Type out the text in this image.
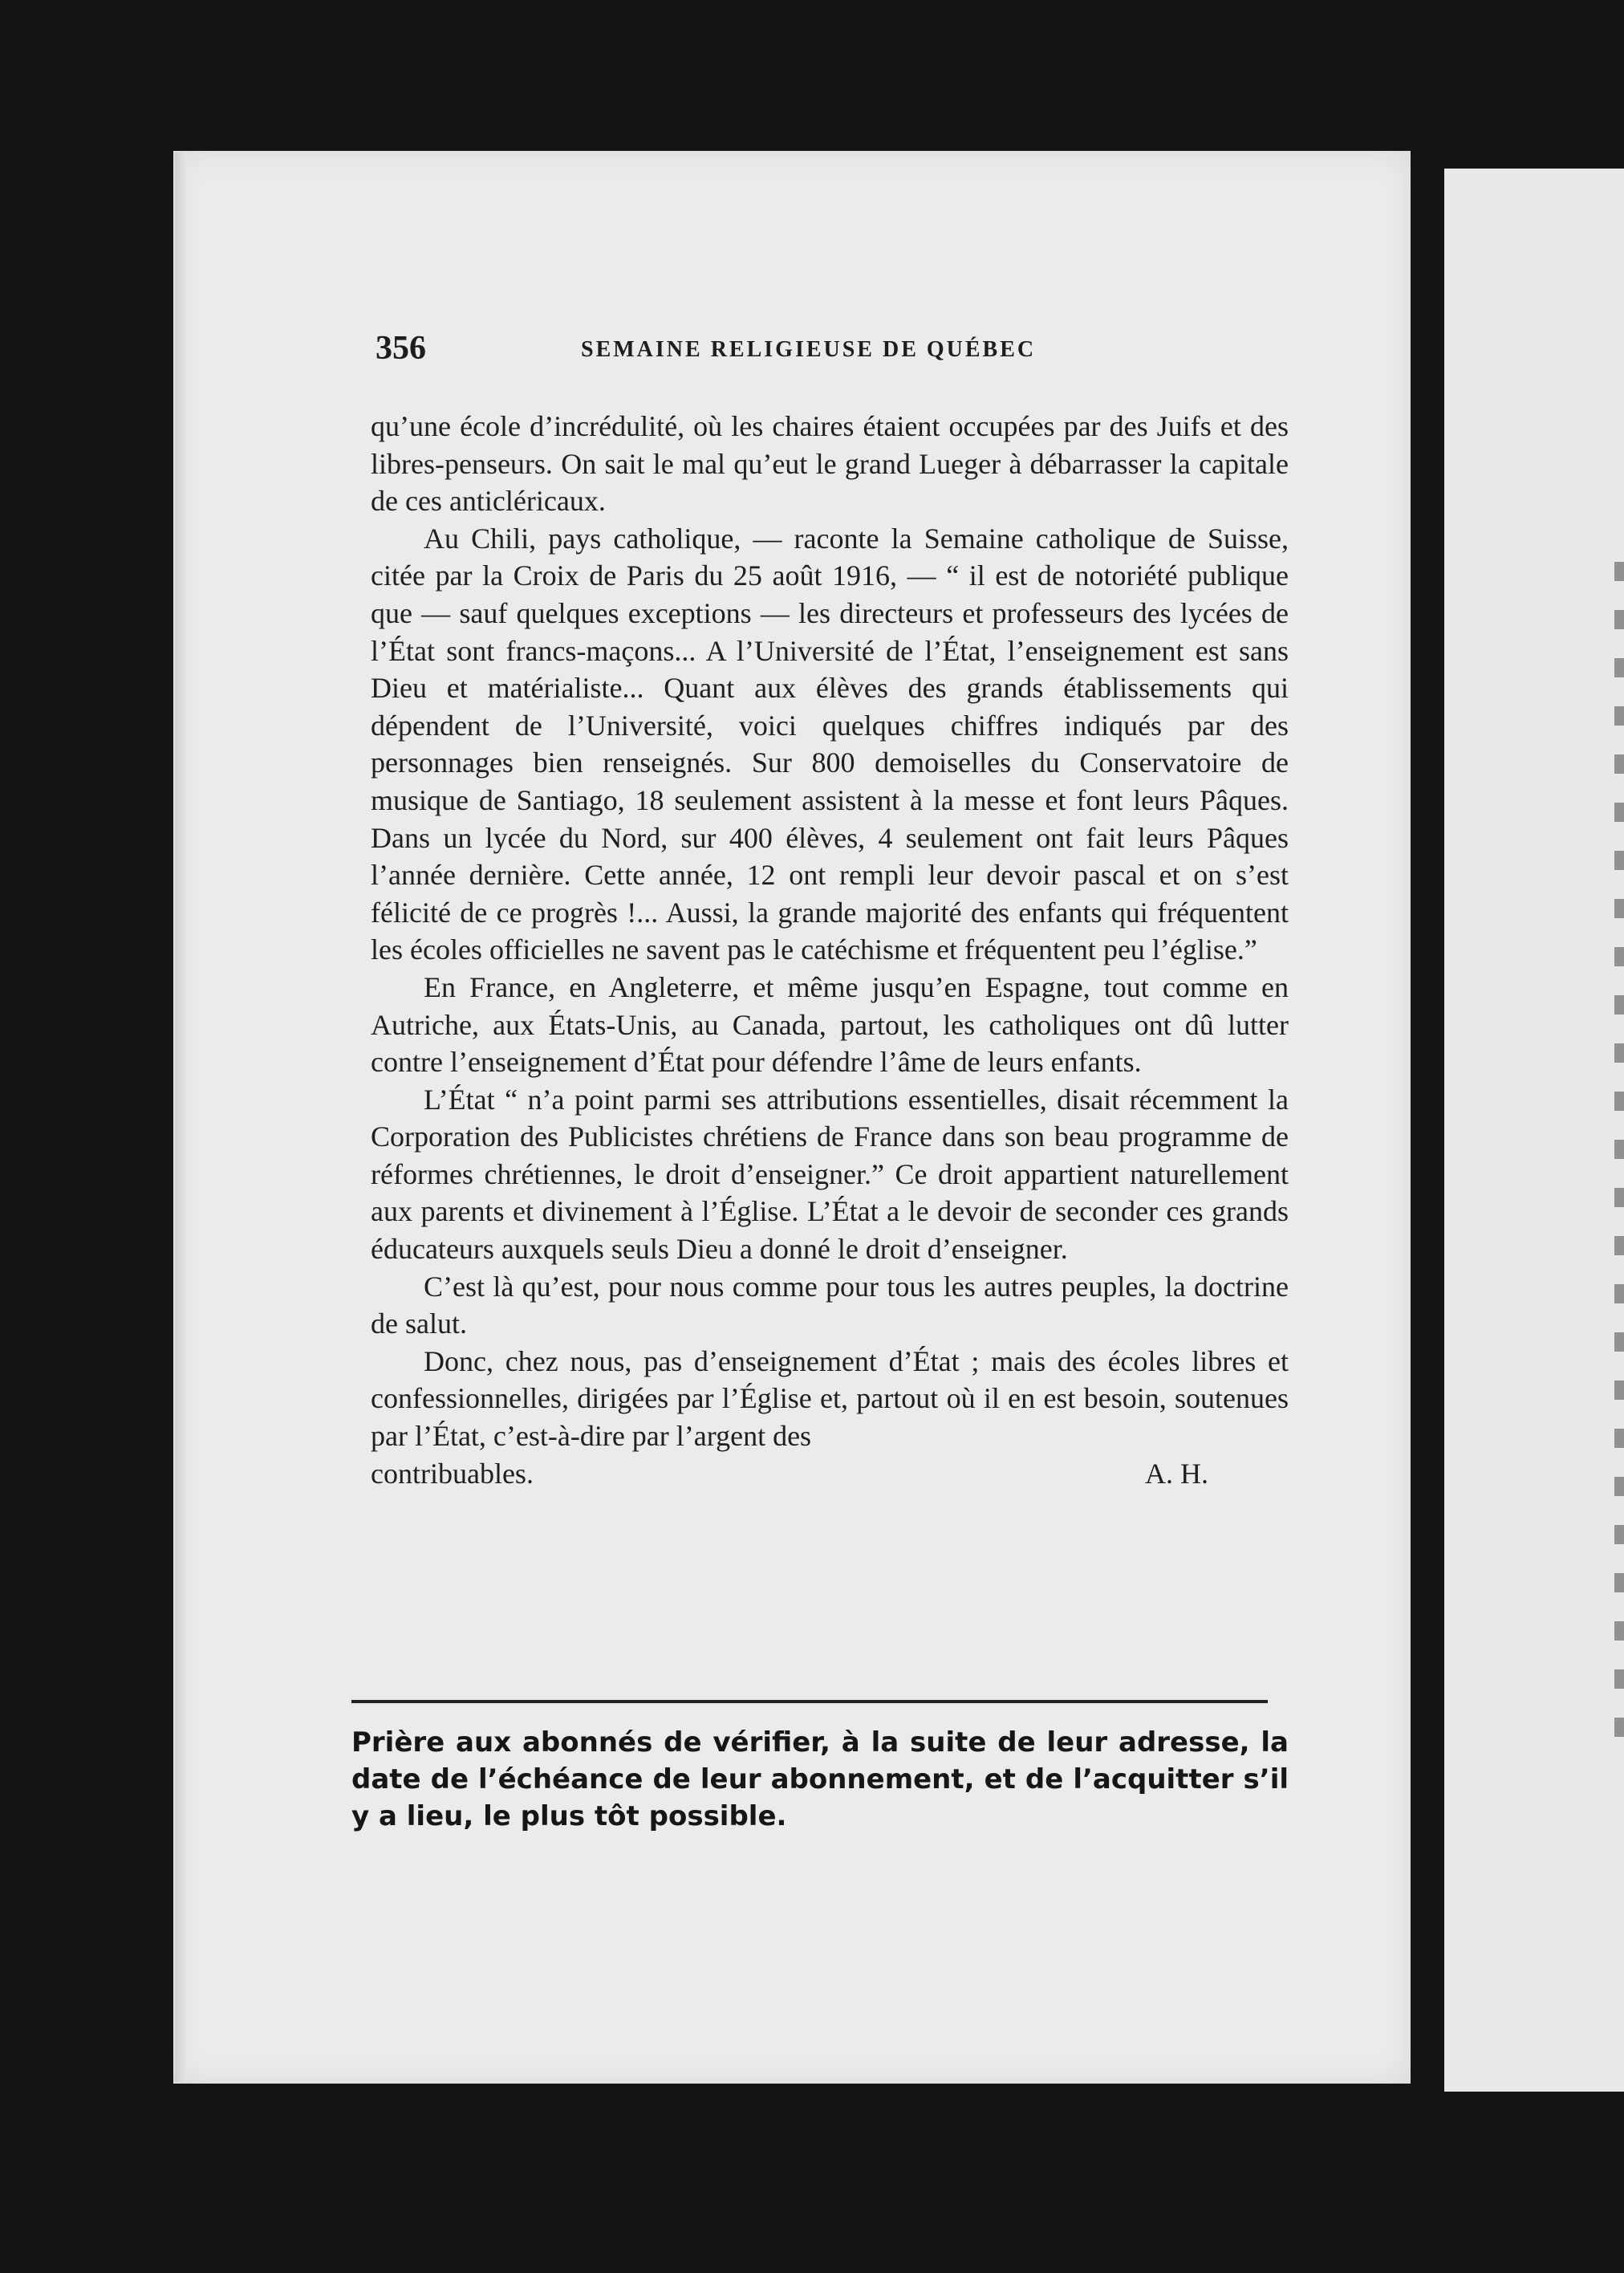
356	SEMAINE RELIGIEUSE DE QUÉBEC

qu’une école d’incrédulité, où les chaires étaient occupées par des Juifs et des libres-penseurs. On sait le mal qu’eut le grand Lueger à débarrasser la capitale de ces anticléricaux.

Au Chili, pays catholique, — raconte la Semaine catholique de Suisse, citée par la Croix de Paris du 25 août 1916, — “ il est de notoriété publique que — sauf quelques exceptions — les directeurs et professeurs des lycées de l’État sont francs-maçons... A l’Université de l’État, l’enseignement est sans Dieu et matérialiste... Quant aux élèves des grands établissements qui dépendent de l’Université, voici quelques chiffres indiqués par des personnages bien renseignés. Sur 800 demoiselles du Conservatoire de musique de Santiago, 18 seulement assistent à la messe et font leurs Pâques. Dans un lycée du Nord, sur 400 élèves, 4 seulement ont fait leurs Pâques l’année dernière. Cette année, 12 ont rempli leur devoir pascal et on s’est félicité de ce progrès !... Aussi, la grande majorité des enfants qui fréquentent les écoles officielles ne savent pas le catéchisme et fréquentent peu l’église.”

En France, en Angleterre, et même jusqu’en Espagne, tout comme en Autriche, aux États-Unis, au Canada, partout, les catholiques ont dû lutter contre l’enseignement d’État pour défendre l’âme de leurs enfants.

L’État “ n’a point parmi ses attributions essentielles, disait récemment la Corporation des Publicistes chrétiens de France dans son beau programme de réformes chrétiennes, le droit d’enseigner.” Ce droit appartient naturellement aux parents et divinement à l’Église. L’État a le devoir de seconder ces grands éducateurs auxquels seuls Dieu a donné le droit d’enseigner.

C’est là qu’est, pour nous comme pour tous les autres peuples, la doctrine de salut.

Donc, chez nous, pas d’enseignement d’État ; mais des écoles libres et confessionnelles, dirigées par l’Église et, partout où il en est besoin, soutenues par l’État, c’est-à-dire par l’argent des

contribuables.	A. H.
Prière aux abonnés de vérifier, à la suite de leur adresse, la date de l’échéance de leur abonnement, et de l’acquitter s’il y a lieu, le plus tôt possible.
